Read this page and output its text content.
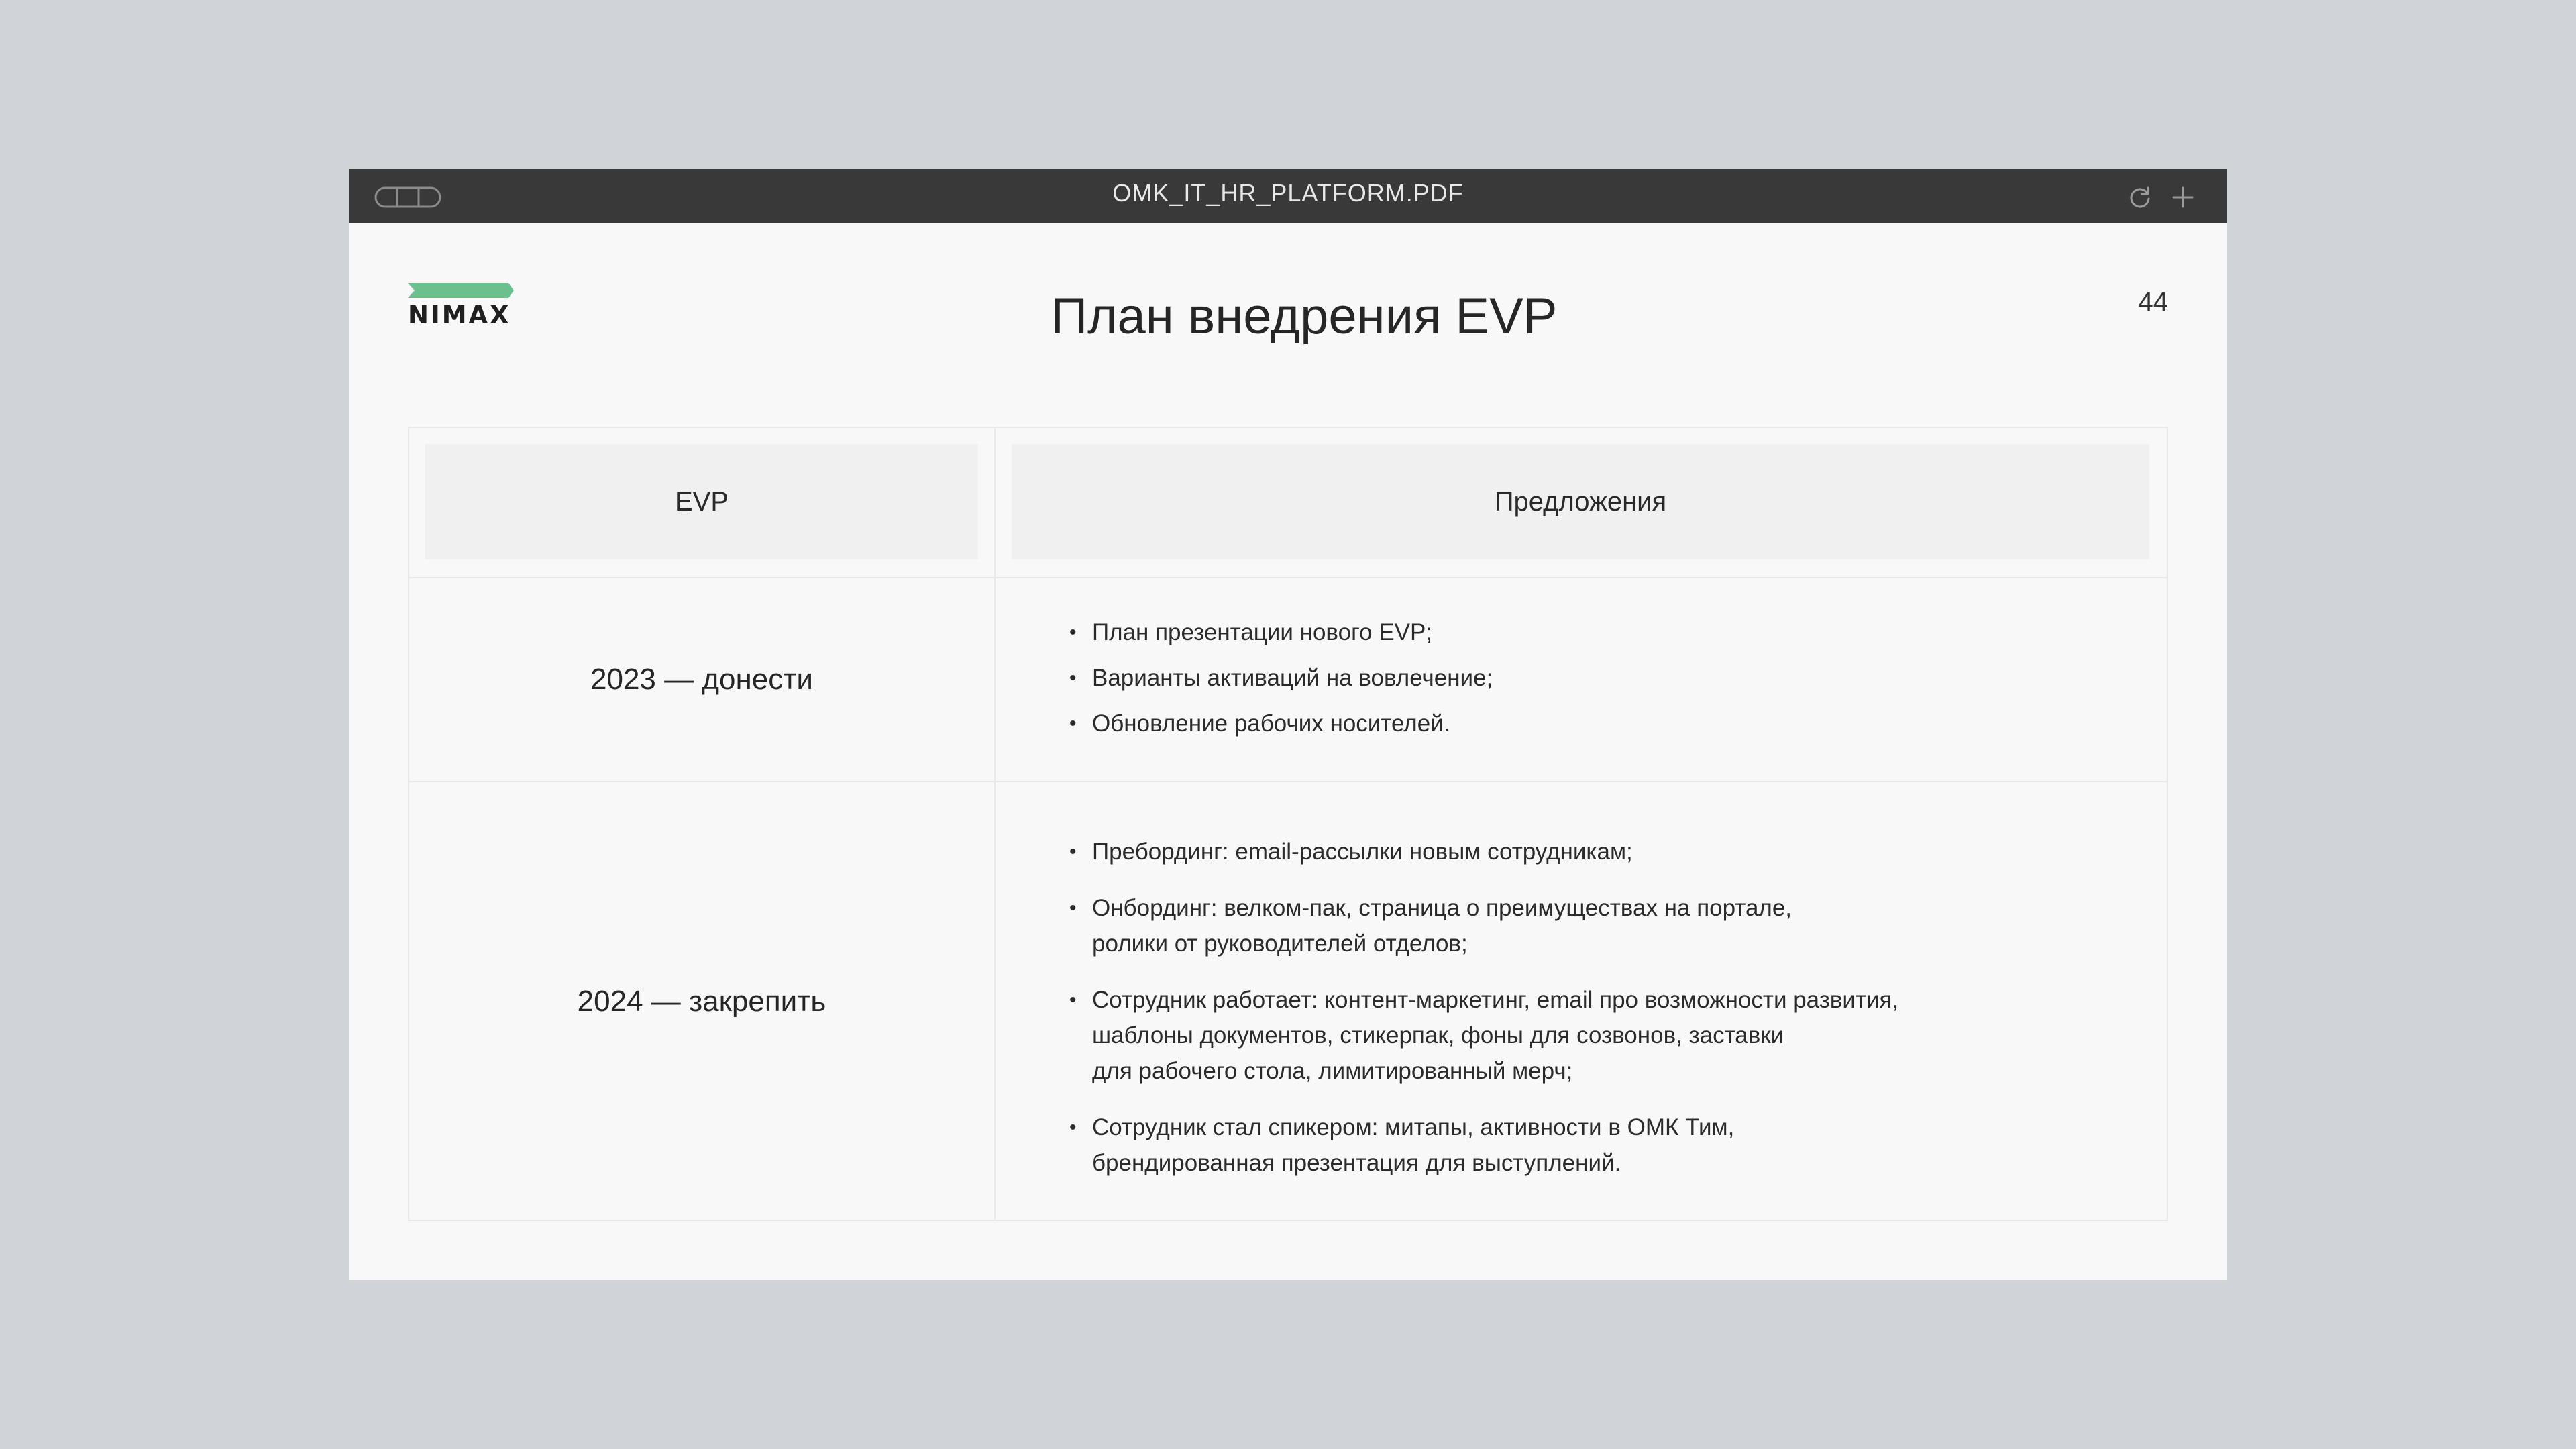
OMK_IT_HR_PLATFORM.PDF
NIMAX	План внедрения EVP	44
EVP	Предложения
2023 — донести
• План презентации нового EVP;
• Варианты активаций на вовлечение;
• Обновление рабочих носителей.
2024 — закрепить
• Пребординг: email-рассылки новым сотрудникам;
• Онбординг: велком-пак, страница о преимуществах на портале,
ролики от руководителей отделов;
• Сотрудник работает: контент-маркетинг, email про возможности развития,
шаблоны документов, стикерпак, фоны для созвонов, заставки
для рабочего стола, лимитированный мерч;
• Сотрудник стал спикером: митапы, активности в ОМК Тим,
брендированная презентация для выступлений.
